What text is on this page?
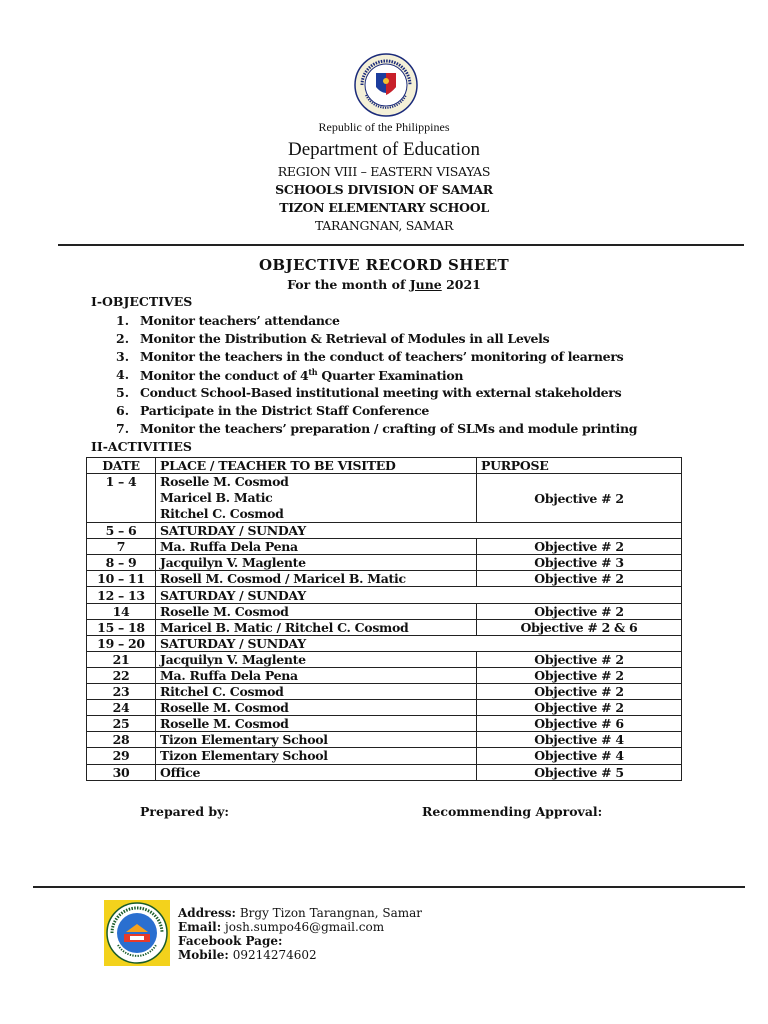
Republic of the Philippines
Department of Education
REGION VIII – EASTERN VISAYAS
SCHOOLS DIVISION OF SAMAR
TIZON ELEMENTARY SCHOOL
TARANGNAN, SAMAR
OBJECTIVE RECORD SHEET
For the month of June 2021
I-OBJECTIVES
1. Monitor teachers’ attendance
2. Monitor the Distribution & Retrieval of Modules in all Levels
3. Monitor the teachers in the conduct of teachers’ monitoring of learners
4. Monitor the conduct of 4th Quarter Examination
5. Conduct School-Based institutional meeting with external stakeholders
6. Participate in the District Staff Conference
7. Monitor the teachers’ preparation / crafting of SLMs and module printing
II-ACTIVITIES
DATE	PLACE / TEACHER TO BE VISITED	PURPOSE
1 – 4	Roselle M. Cosmod
Maricel B. Matic
Ritchel C. Cosmod	Objective # 2
5 – 6	SATURDAY / SUNDAY	
7	Ma. Ruffa Dela Pena	Objective # 2
8 – 9	Jacquilyn V. Maglente	Objective # 3
10 – 11	Rosell M. Cosmod / Maricel B. Matic	Objective # 2
12 – 13	SATURDAY / SUNDAY	
14	Roselle M. Cosmod	Objective # 2
15 – 18	Maricel B. Matic / Ritchel C. Cosmod	Objective # 2 & 6
19 – 20	SATURDAY / SUNDAY	
21	Jacquilyn V. Maglente	Objective # 2
22	Ma. Ruffa Dela Pena	Objective # 2
23	Ritchel C. Cosmod	Objective # 2
24	Roselle M. Cosmod	Objective # 2
25	Roselle M. Cosmod	Objective # 6
28	Tizon Elementary School	Objective # 4
29	Tizon Elementary School	Objective # 4
30	Office	Objective # 5
Prepared by:	Recommending Approval:
Address: Brgy Tizon Tarangnan, Samar
Email: josh.sumpo46@gmail.com
Facebook Page:
Mobile: 09214274602
